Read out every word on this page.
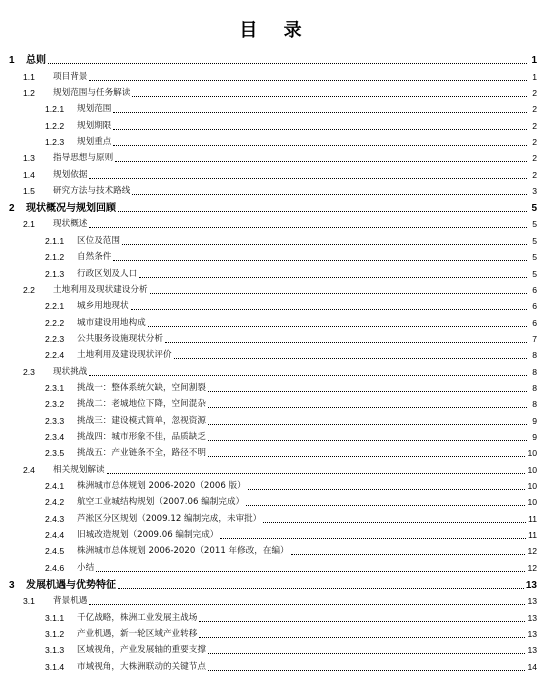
目 录
1	总则	1
1.1	项目背景	1
1.2	规划范围与任务解读	2
1.2.1	规划范围	2
1.2.2	规划期限	2
1.2.3	规划重点	2
1.3	指导思想与原则	2
1.4	规划依据	2
1.5	研究方法与技术路线	3
2	现状概况与规划回顾	5
2.1	现状概述	5
2.1.1	区位及范围	5
2.1.2	自然条件	5
2.1.3	行政区划及人口	5
2.2	土地利用及现状建设分析	6
2.2.1	城乡用地现状	6
2.2.2	城市建设用地构成	6
2.2.3	公共服务设施现状分析	7
2.2.4	土地利用及建设现状评价	8
2.3	现状挑战	8
2.3.1	挑战一：整体系统欠缺，空间割裂	8
2.3.2	挑战二：老城地位下降，空间混杂	8
2.3.3	挑战三：建设模式简单，忽视资源	9
2.3.4	挑战四：城市形象不佳，品质缺乏	9
2.3.5	挑战五：产业链条不全，路径不明	10
2.4	相关规划解读	10
2.4.1	株洲城市总体规划 2006-2020（2006 版）	10
2.4.2	航空工业城结构规划（2007.06 编制完成）	10
2.4.3	芦淞区分区规划（2009.12 编制完成，未审批）	11
2.4.4	旧城改造规划（2009.06 编制完成）	11
2.4.5	株洲城市总体规划 2006-2020（2011 年修改，在编）	12
2.4.6	小结	12
3	发展机遇与优势特征	13
3.1	背景机遇	13
3.1.1	千亿战略，株洲工业发展主战场	13
3.1.2	产业机遇，新一轮区域产业转移	13
3.1.3	区域视角，产业发展轴的重要支撑	13
3.1.4	市域视角，大株洲联动的关键节点	14
